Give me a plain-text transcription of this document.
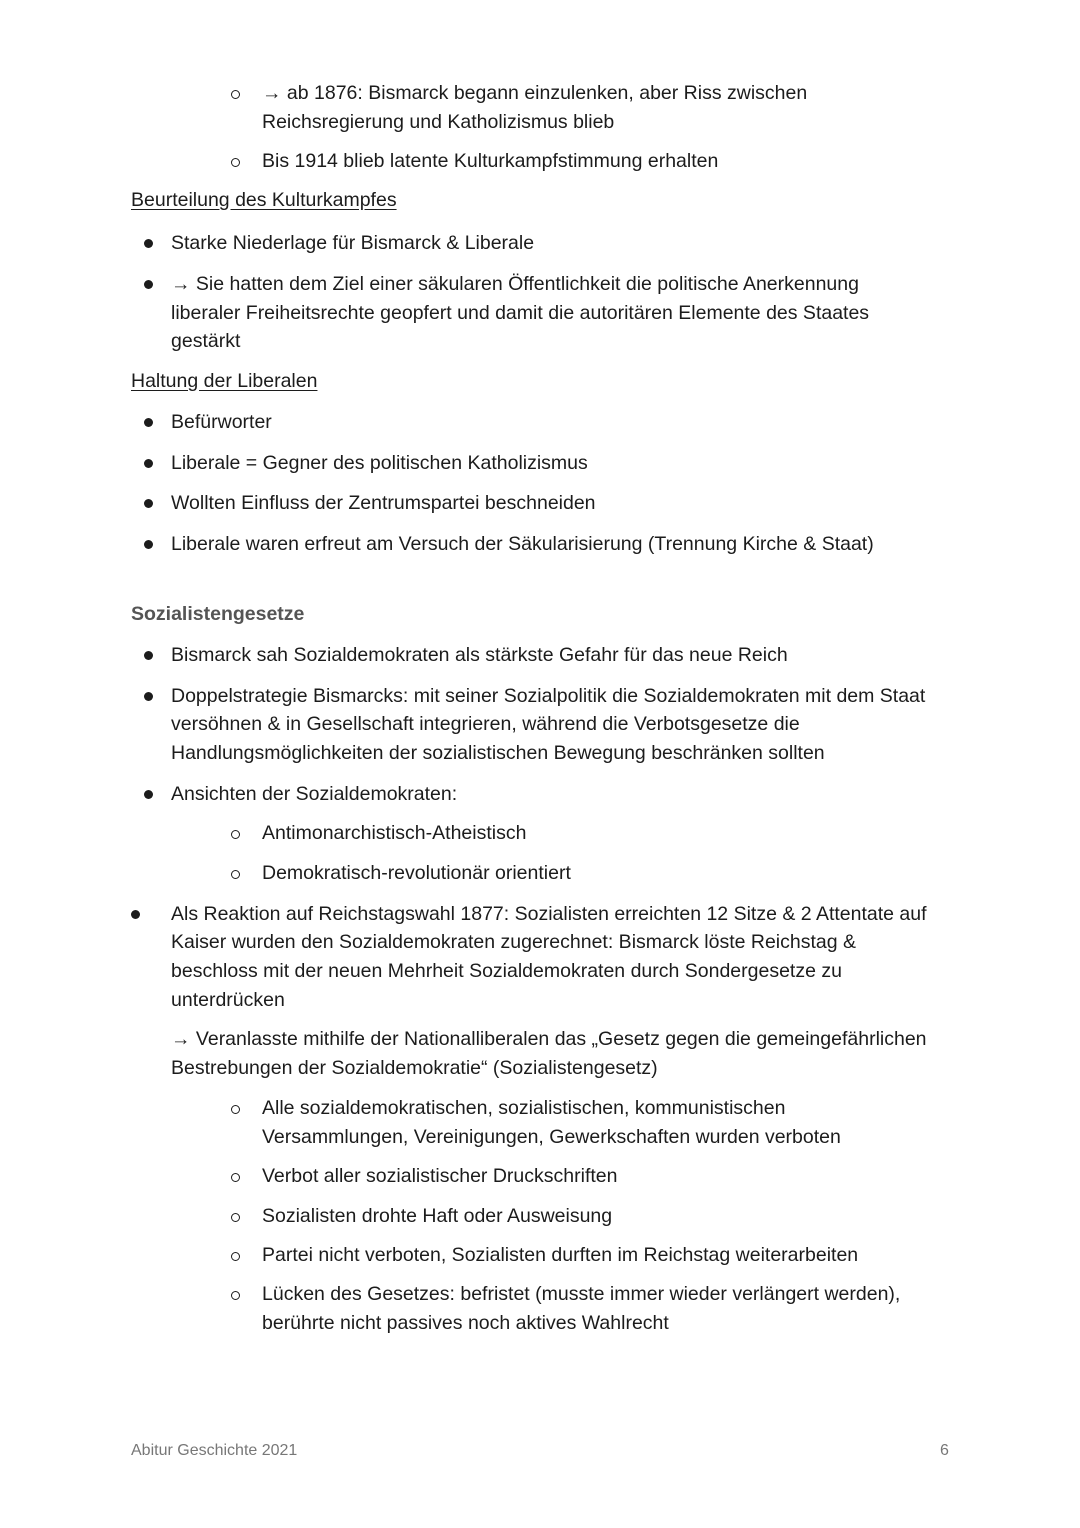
→ ab 1876: Bismarck begann einzulenken, aber Riss zwischen
Reichsregierung und Katholizismus blieb
Bis 1914 blieb latente Kulturkampfstimmung erhalten
Beurteilung des Kulturkampfes
Starke Niederlage für Bismarck & Liberale
→ Sie hatten dem Ziel einer säkularen Öffentlichkeit die politische Anerkennung
liberaler Freiheitsrechte geopfert und damit die autoritären Elemente des Staates
gestärkt
Haltung der Liberalen
Befürworter
Liberale = Gegner des politischen Katholizismus
Wollten Einfluss der Zentrumspartei beschneiden
Liberale waren erfreut am Versuch der Säkularisierung (Trennung Kirche & Staat)
Sozialistengesetze
Bismarck sah Sozialdemokraten als stärkste Gefahr für das neue Reich
Doppelstrategie Bismarcks: mit seiner Sozialpolitik die Sozialdemokraten mit dem Staat
versöhnen & in Gesellschaft integrieren, während die Verbotsgesetze die
Handlungsmöglichkeiten der sozialistischen Bewegung beschränken sollten
Ansichten der Sozialdemokraten:
Antimonarchistisch-Atheistisch
Demokratisch-revolutionär orientiert
Als Reaktion auf Reichstagswahl 1877: Sozialisten erreichten 12 Sitze & 2 Attentate auf
Kaiser wurden den Sozialdemokraten zugerechnet: Bismarck löste Reichstag &
beschloss mit der neuen Mehrheit Sozialdemokraten durch Sondergesetze zu
unterdrücken
→ Veranlasste mithilfe der Nationalliberalen das „Gesetz gegen die gemeingefährlichen
Bestrebungen der Sozialdemokratie“ (Sozialistengesetz)
Alle sozialdemokratischen, sozialistischen, kommunistischen
Versammlungen, Vereinigungen, Gewerkschaften wurden verboten
Verbot aller sozialistischer Druckschriften
Sozialisten drohte Haft oder Ausweisung
Partei nicht verboten, Sozialisten durften im Reichstag weiterarbeiten
Lücken des Gesetzes: befristet (musste immer wieder verlängert werden),
berührte nicht passives noch aktives Wahlrecht
Abitur Geschichte 2021	6
